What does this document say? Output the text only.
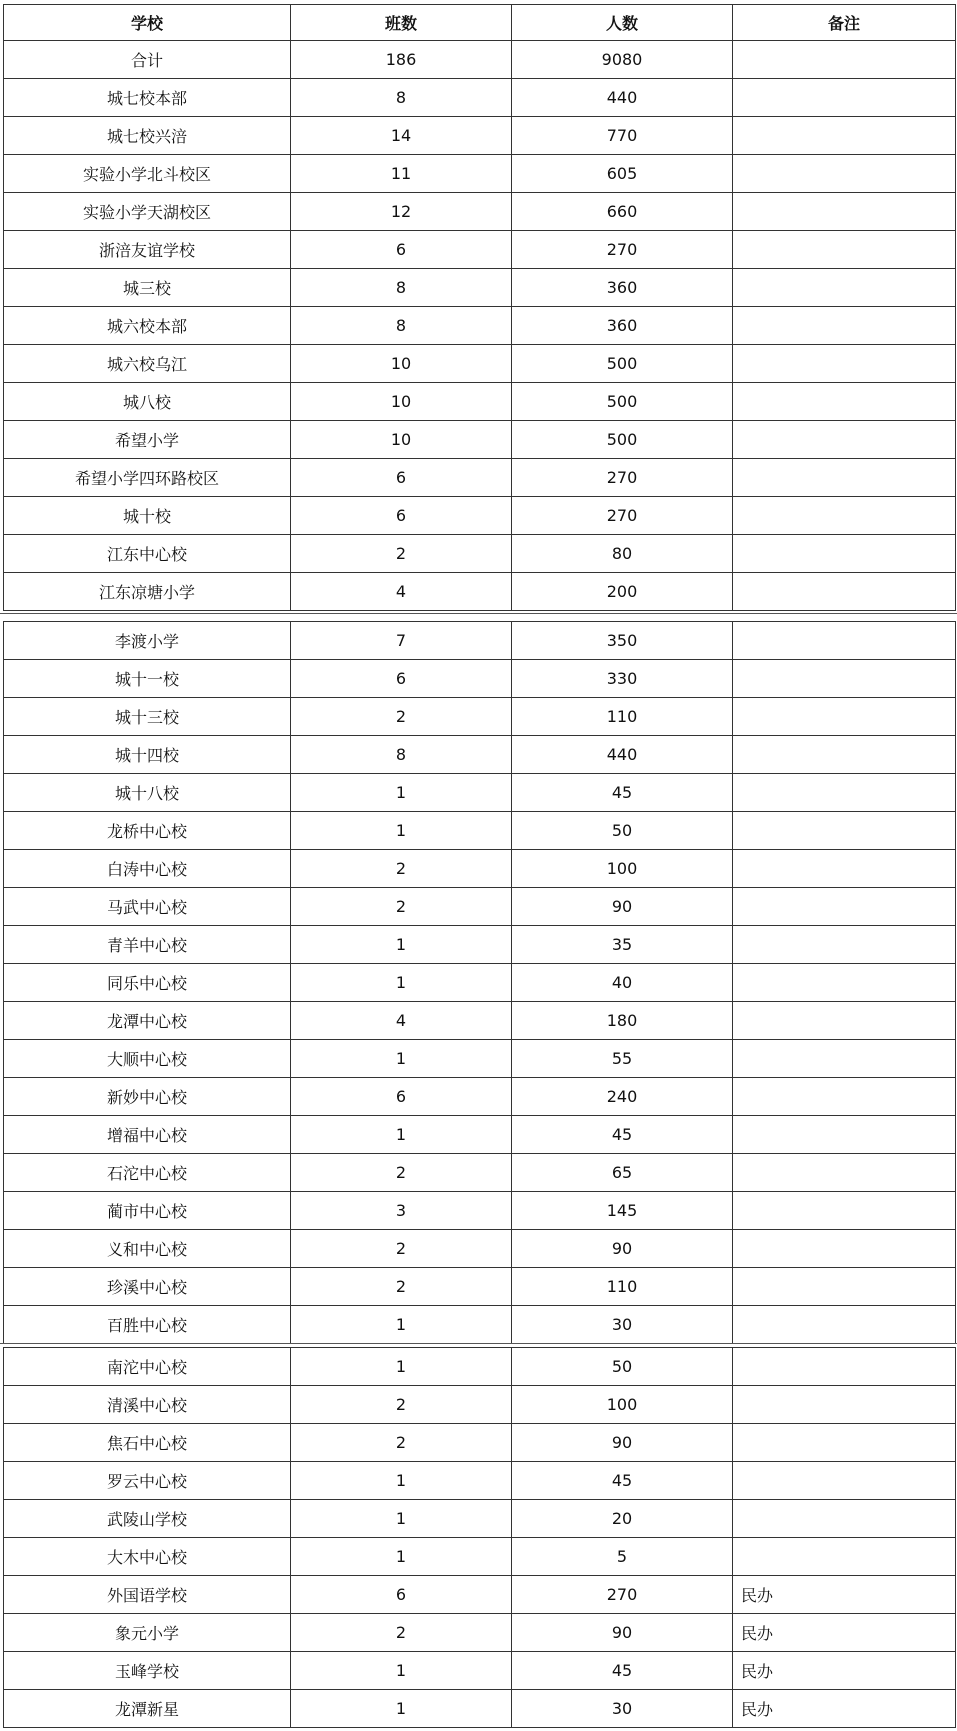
学校	班数	人数	备注
合计	186	9080	
城七校本部	8	440	
城七校兴涪	14	770	
实验小学北斗校区	11	605	
实验小学天湖校区	12	660	
浙涪友谊学校	6	270	
城三校	8	360	
城六校本部	8	360	
城六校乌江	10	500	
城八校	10	500	
希望小学	10	500	
希望小学四环路校区	6	270	
城十校	6	270	
江东中心校	2	80	
江东凉塘小学	4	200	
李渡小学	7	350	
城十一校	6	330	
城十三校	2	110	
城十四校	8	440	
城十八校	1	45	
龙桥中心校	1	50	
白涛中心校	2	100	
马武中心校	2	90	
青羊中心校	1	35	
同乐中心校	1	40	
龙潭中心校	4	180	
大顺中心校	1	55	
新妙中心校	6	240	
增福中心校	1	45	
石沱中心校	2	65	
蔺市中心校	3	145	
义和中心校	2	90	
珍溪中心校	2	110	
百胜中心校	1	30	
南沱中心校	1	50	
清溪中心校	2	100	
焦石中心校	2	90	
罗云中心校	1	45	
武陵山学校	1	20	
大木中心校	1	5	
外国语学校	6	270	民办
象元小学	2	90	民办
玉峰学校	1	45	民办
龙潭新星	1	30	民办
